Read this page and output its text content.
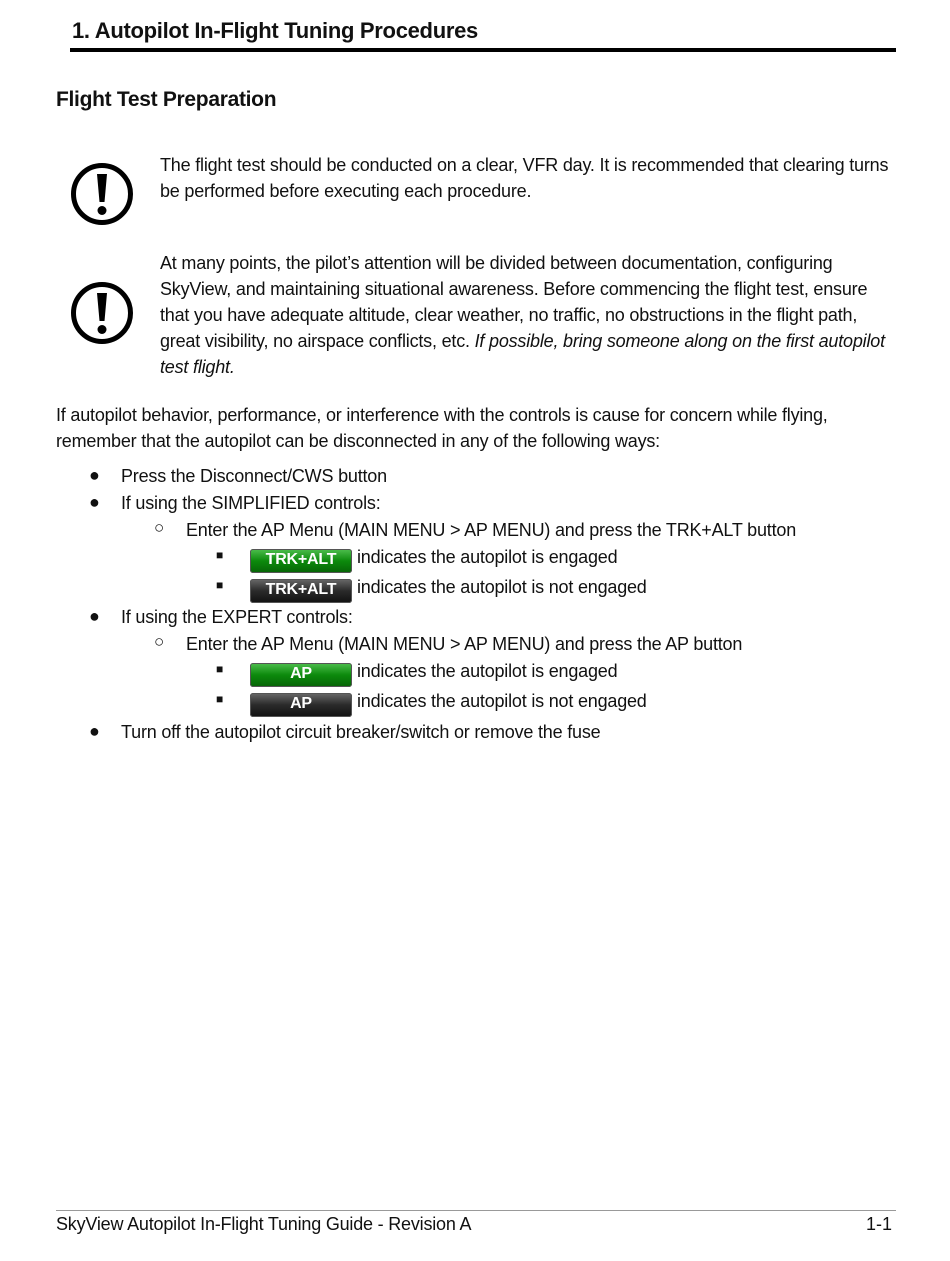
1. Autopilot In-Flight Tuning Procedures
Flight Test Preparation
The flight test should be conducted on a clear, VFR day. It is recommended that clearing turns be performed before executing each procedure.
At many points, the pilot’s attention will be divided between documentation, configuring SkyView, and maintaining situational awareness. Before commencing the flight test, ensure that you have adequate altitude, clear weather, no traffic, no obstructions in the flight path, great visibility, no airspace conflicts, etc. If possible, bring someone along on the first autopilot test flight.
If autopilot behavior, performance, or interference with the controls is cause for concern while flying, remember that the autopilot can be disconnected in any of the following ways:
● Press the Disconnect/CWS button
● If using the SIMPLIFIED controls:
○ Enter the AP Menu (MAIN MENU > AP MENU) and press the TRK+ALT button
■	TRK+ALT indicates the autopilot is engaged
■	TRK+ALT indicates the autopilot is not engaged
● If using the EXPERT controls:
○ Enter the AP Menu (MAIN MENU > AP MENU) and press the AP button
■	AP	indicates the autopilot is engaged
■	AP	indicates the autopilot is not engaged
● Turn off the autopilot circuit breaker/switch or remove the fuse
SkyView Autopilot In-Flight Tuning Guide - Revision A	1-1
